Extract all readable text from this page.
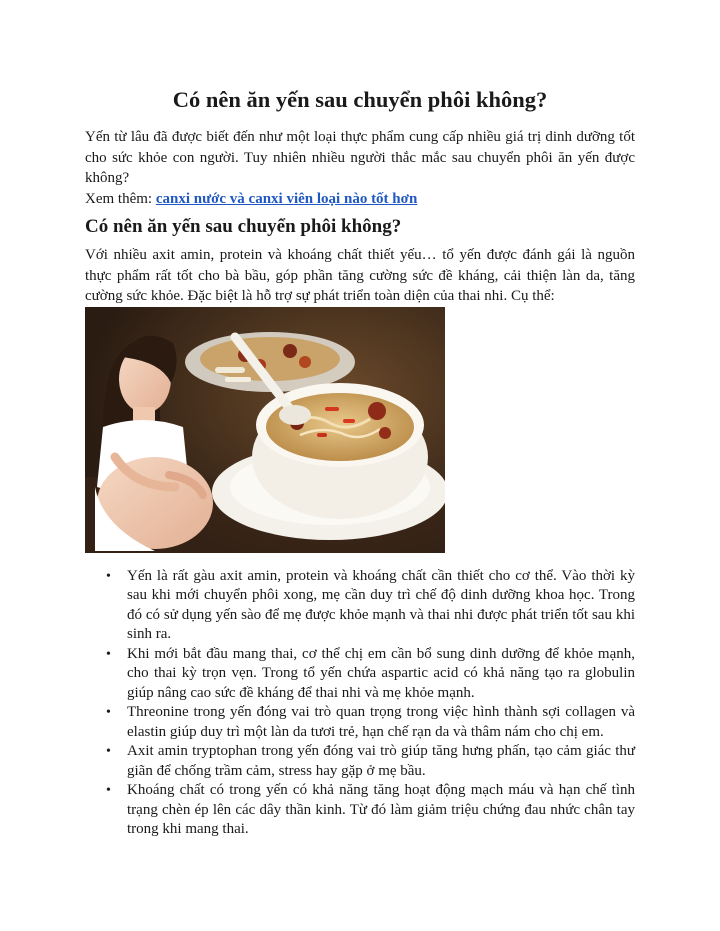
Có nên ăn yến sau chuyển phôi không?

Yến từ lâu đã được biết đến như một loại thực phẩm cung cấp nhiều giá trị dinh dưỡng tốt cho sức khỏe con người. Tuy nhiên nhiều người thắc mắc sau chuyển phôi ăn yến được không?

Xem thêm: canxi nước và canxi viên loại nào tốt hơn
Có nên ăn yến sau chuyển phôi không?

Với nhiều axit amin, protein và khoáng chất thiết yếu… tổ yến được đánh gái là nguồn thực phẩm rất tốt cho bà bầu, góp phần tăng cường sức đề kháng, cải thiện làn da, tăng cường sức khỏe. Đặc biệt là hỗ trợ sự phát triển toàn diện của thai nhi. Cụ thể:

• Yến là rất gàu axit amin, protein và khoáng chất cần thiết cho cơ thể. Vào thời kỳ sau khi mới chuyển phôi xong, mẹ cần duy trì chế độ dinh dưỡng khoa học. Trong đó có sử dụng yến sào để mẹ được khỏe mạnh và thai nhi được phát triển tốt sau khi sinh ra.
• Khi mới bắt đầu mang thai, cơ thể chị em cần bổ sung dinh dưỡng để khỏe mạnh, cho thai kỳ trọn vẹn. Trong tổ yến chứa aspartic acid có khả năng tạo ra globulin giúp nâng cao sức đề kháng để thai nhi và mẹ khỏe mạnh.
• Threonine trong yến đóng vai trò quan trọng trong việc hình thành sợi collagen và elastin giúp duy trì một làn da tươi trẻ, hạn chế rạn da và thâm nám cho chị em.
• Axit amin tryptophan trong yến đóng vai trò giúp tăng hưng phấn, tạo cảm giác thư giãn để chống trầm cảm, stress hay gặp ở mẹ bầu.
• Khoáng chất có trong yến có khả năng tăng hoạt động mạch máu và hạn chế tình trạng chèn ép lên các dây thần kinh. Từ đó làm giảm triệu chứng đau nhức chân tay trong khi mang thai.
